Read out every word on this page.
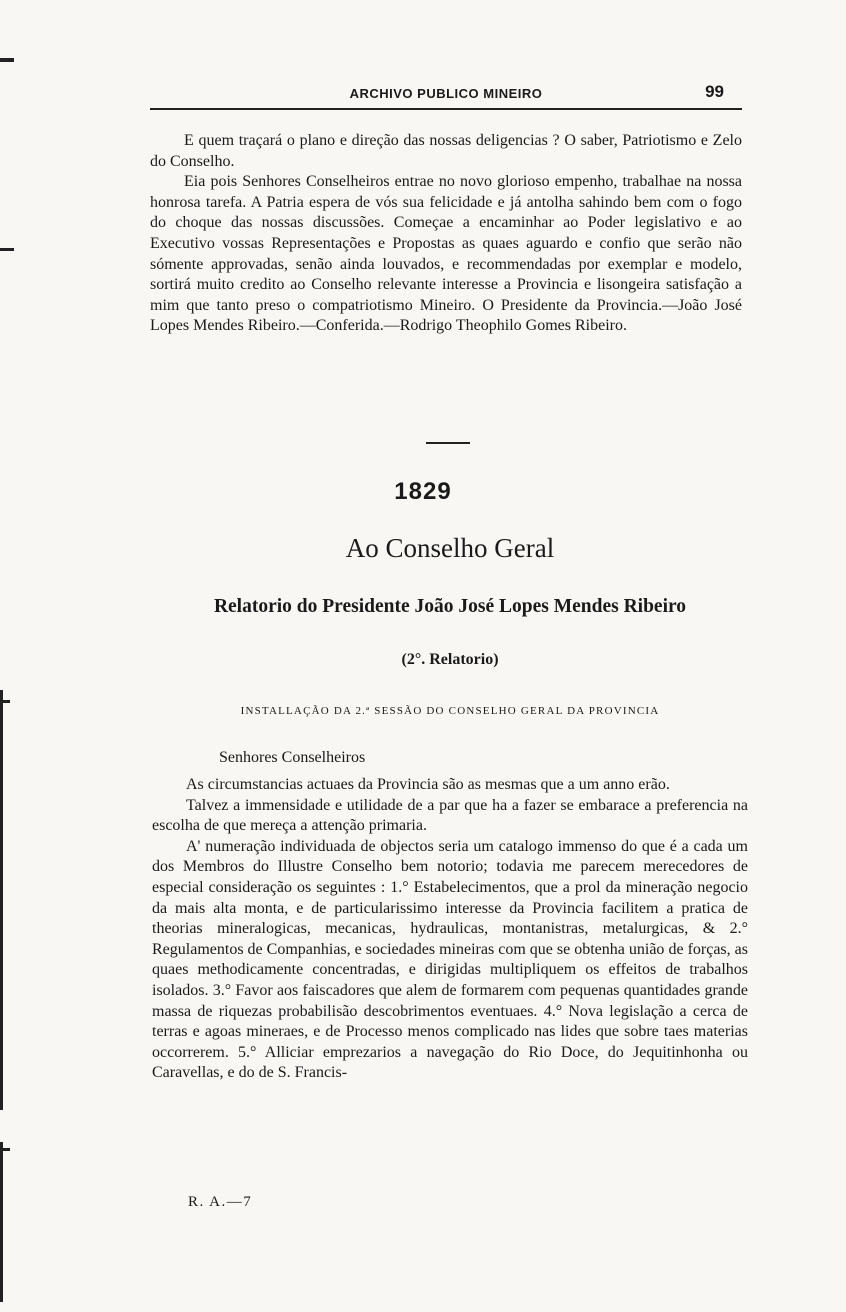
ARCHIVO PUBLICO MINEIRO	99

E quem traçará o plano e direção das nossas deligencias ? O saber, Patriotismo e Zelo do Conselho.

Eia pois Senhores Conselheiros entrae no novo glorioso empenho, trabalhae na nossa honrosa tarefa. A Patria espera de vós sua felicidade e já antolha sahindo bem com o fogo do choque das nossas discussões. Começae a encaminhar ao Poder legislativo e ao Executivo vossas Representações e Propostas as quaes aguardo e confio que serão não sómente approvadas, senão ainda louvados, e recommendadas por exemplar e modelo, sortirá muito credito ao Conselho relevante interesse a Provincia e lisongeira satisfação a mim que tanto preso o compatriotismo Mineiro. O Presidente da Provincia.—João José Lopes Mendes Ribeiro.—Conferida.—Rodrigo Theophilo Gomes Ribeiro.

1829
Ao Conselho Geral
Relatorio do Presidente João José Lopes Mendes Ribeiro
(2°. Relatorio)
INSTALLAÇÃO DA 2.ª SESSÃO DO CONSELHO GERAL DA PROVINCIA
Senhores Conselheiros

As circumstancias actuaes da Provincia são as mesmas que a um anno erão.

Talvez a immensidade e utilidade de a par que ha a fazer se embarace a preferencia na escolha de que mereça a attenção primaria.

A' numeração individuada de objectos seria um catalogo immenso do que é a cada um dos Membros do Illustre Conselho bem notorio; todavia me parecem merecedores de especial consideração os seguintes : 1.° Estabelecimentos, que a prol da mineração negocio da mais alta monta, e de particularissimo interesse da Provincia facilitem a pratica de theorias mineralogicas, mecanicas, hydraulicas, montanistras, metalurgicas, & 2.° Regulamentos de Companhias, e sociedades mineiras com que se obtenha união de forças, as quaes methodicamente concentradas, e dirigidas multipliquem os effeitos de trabalhos isolados. 3.° Favor aos faiscadores que alem de formarem com pequenas quantidades grande massa de riquezas probabilisão descobrimentos eventuaes. 4.° Nova legislação a cerca de terras e agoas mineraes, e de Processo menos complicado nas lides que sobre taes materias occorrerem. 5.° Alliciar emprezarios a navegação do Rio Doce, do Jequitinhonha ou Caravellas, e do de S. Francis-

R. A.—7
